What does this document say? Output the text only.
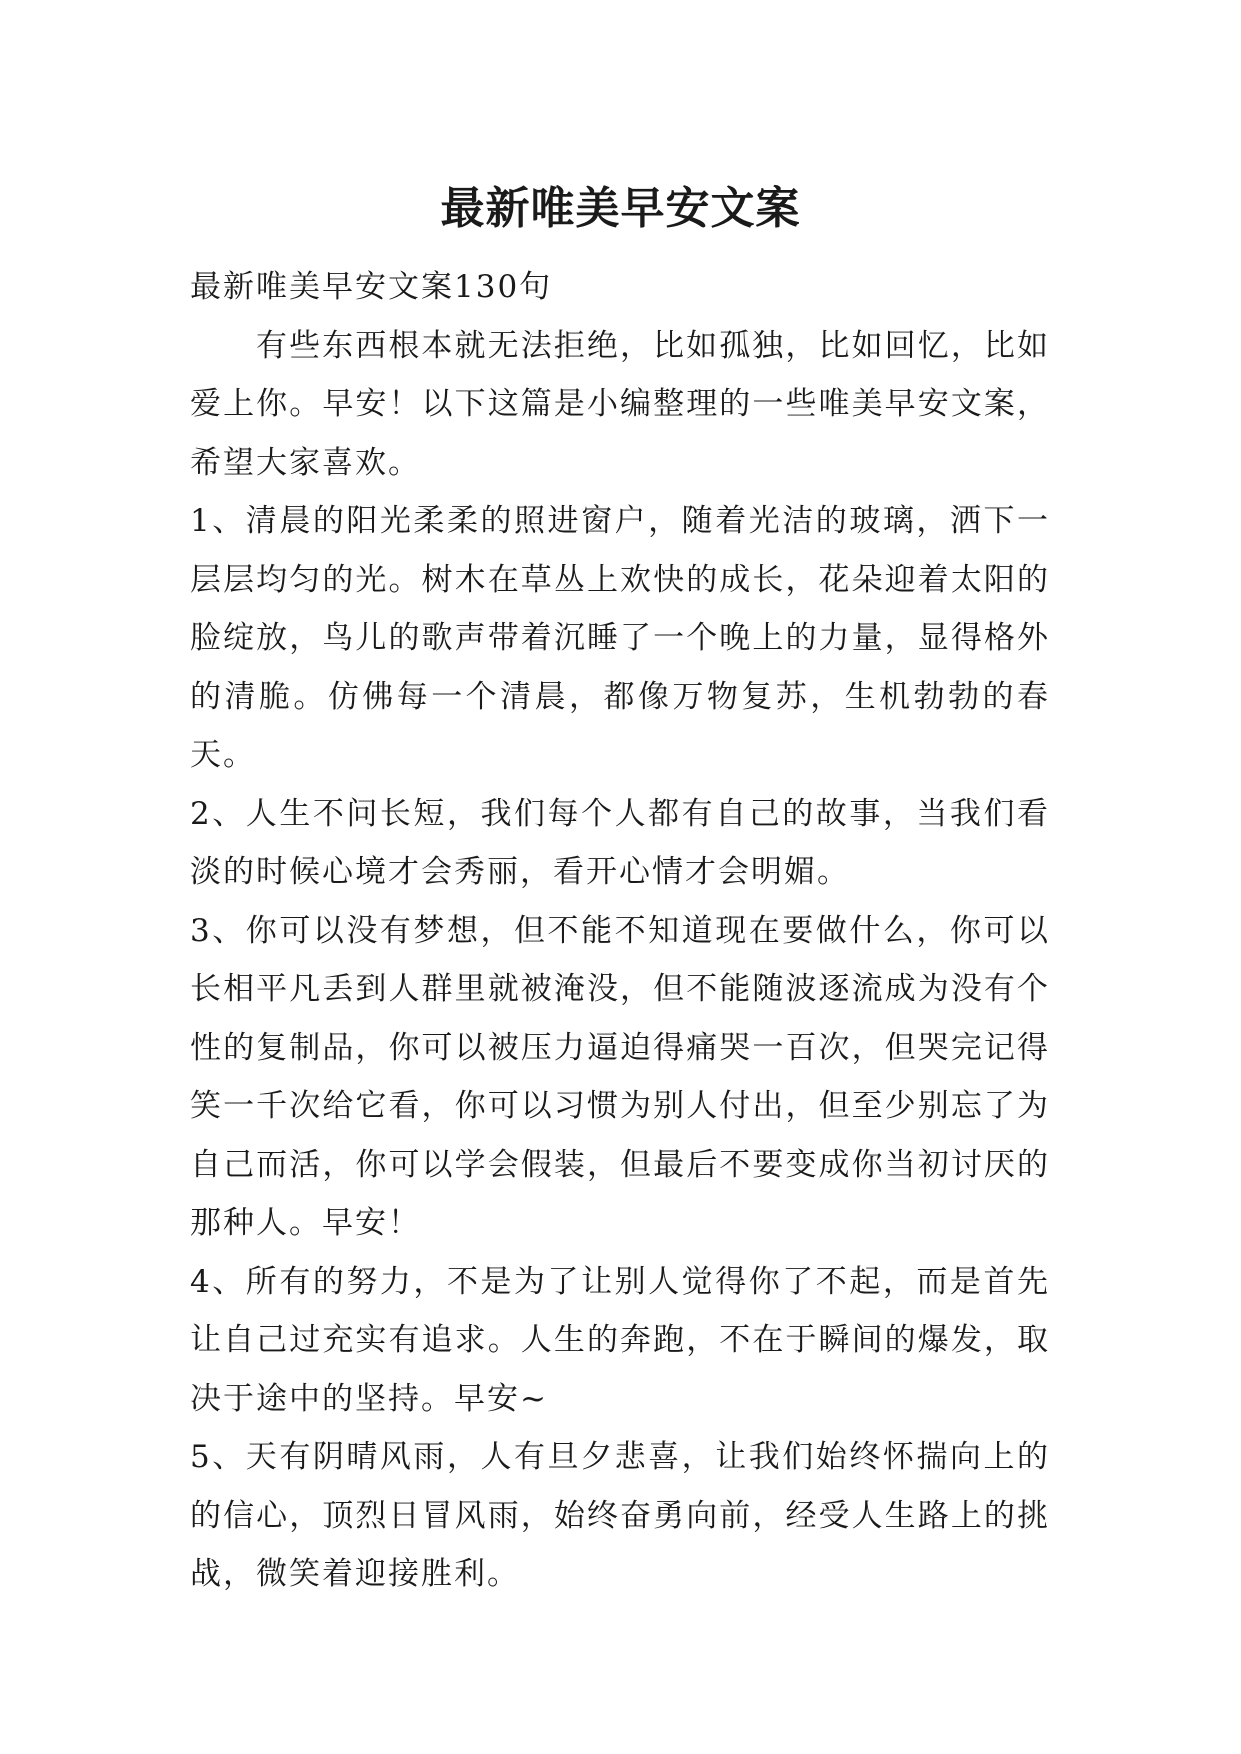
最新唯美早安文案

最新唯美早安文案130句

有些东西根本就无法拒绝，比如孤独，比如回忆，比如爱上你。早安！以下这篇是小编整理的一些唯美早安文案，希望大家喜欢。

1、清晨的阳光柔柔的照进窗户，随着光洁的玻璃，洒下一层层均匀的光。树木在草丛上欢快的成长，花朵迎着太阳的脸绽放，鸟儿的歌声带着沉睡了一个晚上的力量，显得格外的清脆。仿佛每一个清晨，都像万物复苏，生机勃勃的春天。

2、人生不问长短，我们每个人都有自己的故事，当我们看淡的时候心境才会秀丽，看开心情才会明媚。

3、你可以没有梦想，但不能不知道现在要做什么，你可以长相平凡丢到人群里就被淹没，但不能随波逐流成为没有个性的复制品，你可以被压力逼迫得痛哭一百次，但哭完记得笑一千次给它看，你可以习惯为别人付出，但至少别忘了为自己而活，你可以学会假装，但最后不要变成你当初讨厌的那种人。早安！

4、所有的努力，不是为了让别人觉得你了不起，而是首先让自己过充实有追求。人生的奔跑，不在于瞬间的爆发，取决于途中的坚持。早安~

5、天有阴晴风雨，人有旦夕悲喜，让我们始终怀揣向上的的信心，顶烈日冒风雨，始终奋勇向前，经受人生路上的挑战，微笑着迎接胜利。
